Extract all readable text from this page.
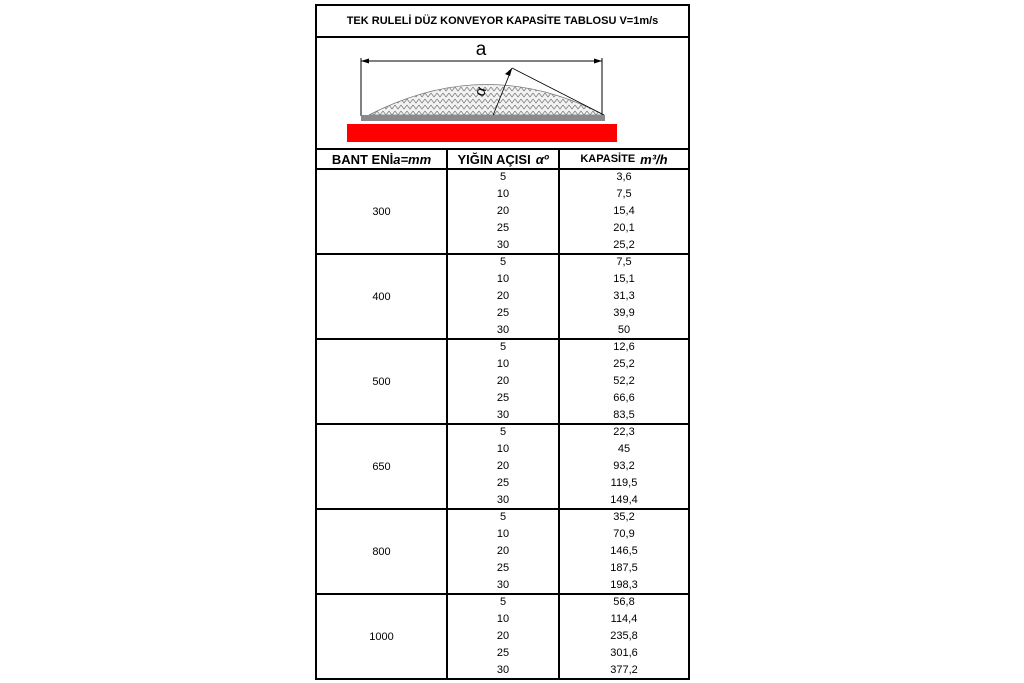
TEK RULELİ DÜZ KONVEYOR KAPASİTE TABLOSU V=1m/s
a
α
BANT ENİ a=mm YIĞIN AÇISI αº	KAPASİTE m³/h
300
5
10
20
25
30
3,6
7,5
15,4
20,1
25,2
400
5
10
20
25
30
7,5
15,1
31,3
39,9
50
500
5
10
20
25
30
12,6
25,2
52,2
66,6
83,5
650
5
10
20
25
30
22,3
45
93,2
119,5
149,4
800
5
10
20
25
30
35,2
70,9
146,5
187,5
198,3
1000
5
10
20
25
30
56,8
114,4
235,8
301,6
377,2
